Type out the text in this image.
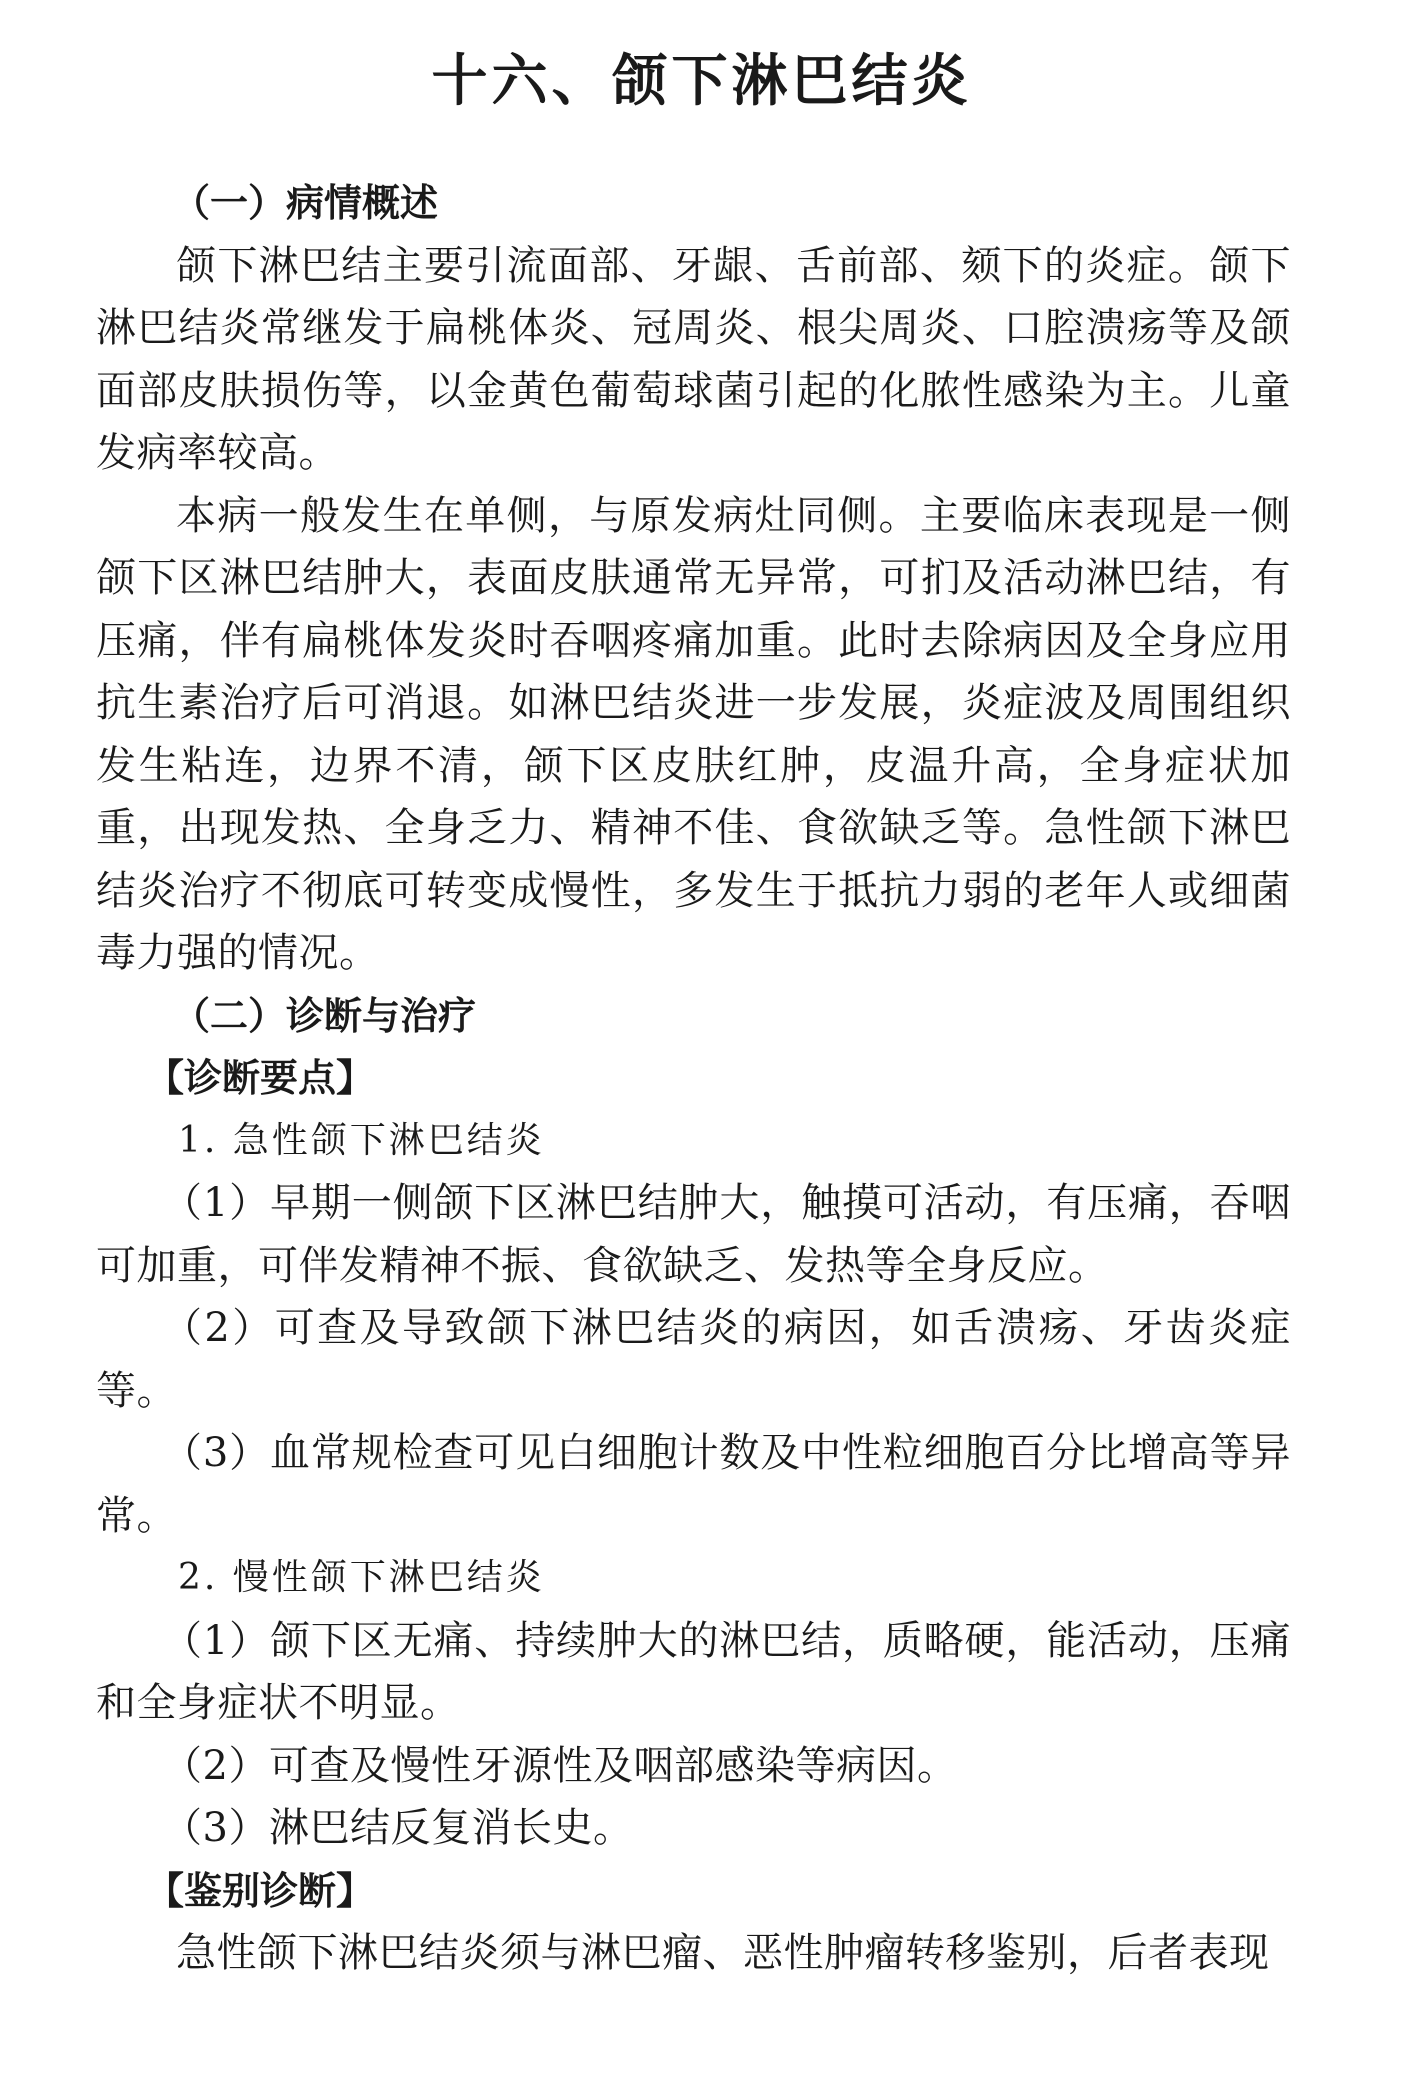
十六、颌下淋巴结炎

（一）病情概述

颌下淋巴结主要引流面部、牙龈、舌前部、颏下的炎症。颌下淋巴结炎常继发于扁桃体炎、冠周炎、根尖周炎、口腔溃疡等及颌面部皮肤损伤等，以金黄色葡萄球菌引起的化脓性感染为主。儿童发病率较高。

本病一般发生在单侧，与原发病灶同侧。主要临床表现是一侧颌下区淋巴结肿大，表面皮肤通常无异常，可扪及活动淋巴结，有压痛，伴有扁桃体发炎时吞咽疼痛加重。此时去除病因及全身应用抗生素治疗后可消退。如淋巴结炎进一步发展，炎症波及周围组织发生粘连，边界不清，颌下区皮肤红肿，皮温升高，全身症状加重，出现发热、全身乏力、精神不佳、食欲缺乏等。急性颌下淋巴结炎治疗不彻底可转变成慢性，多发生于抵抗力弱的老年人或细菌毒力强的情况。

（二）诊断与治疗

【诊断要点】

1. 急性颌下淋巴结炎

（1）早期一侧颌下区淋巴结肿大，触摸可活动，有压痛，吞咽可加重，可伴发精神不振、食欲缺乏、发热等全身反应。

（2）可查及导致颌下淋巴结炎的病因，如舌溃疡、牙齿炎症等。

（3）血常规检查可见白细胞计数及中性粒细胞百分比增高等异常。

2. 慢性颌下淋巴结炎

（1）颌下区无痛、持续肿大的淋巴结，质略硬，能活动，压痛和全身症状不明显。

（2）可查及慢性牙源性及咽部感染等病因。

（3）淋巴结反复消长史。

【鉴别诊断】

急性颌下淋巴结炎须与淋巴瘤、恶性肿瘤转移鉴别，后者表现
